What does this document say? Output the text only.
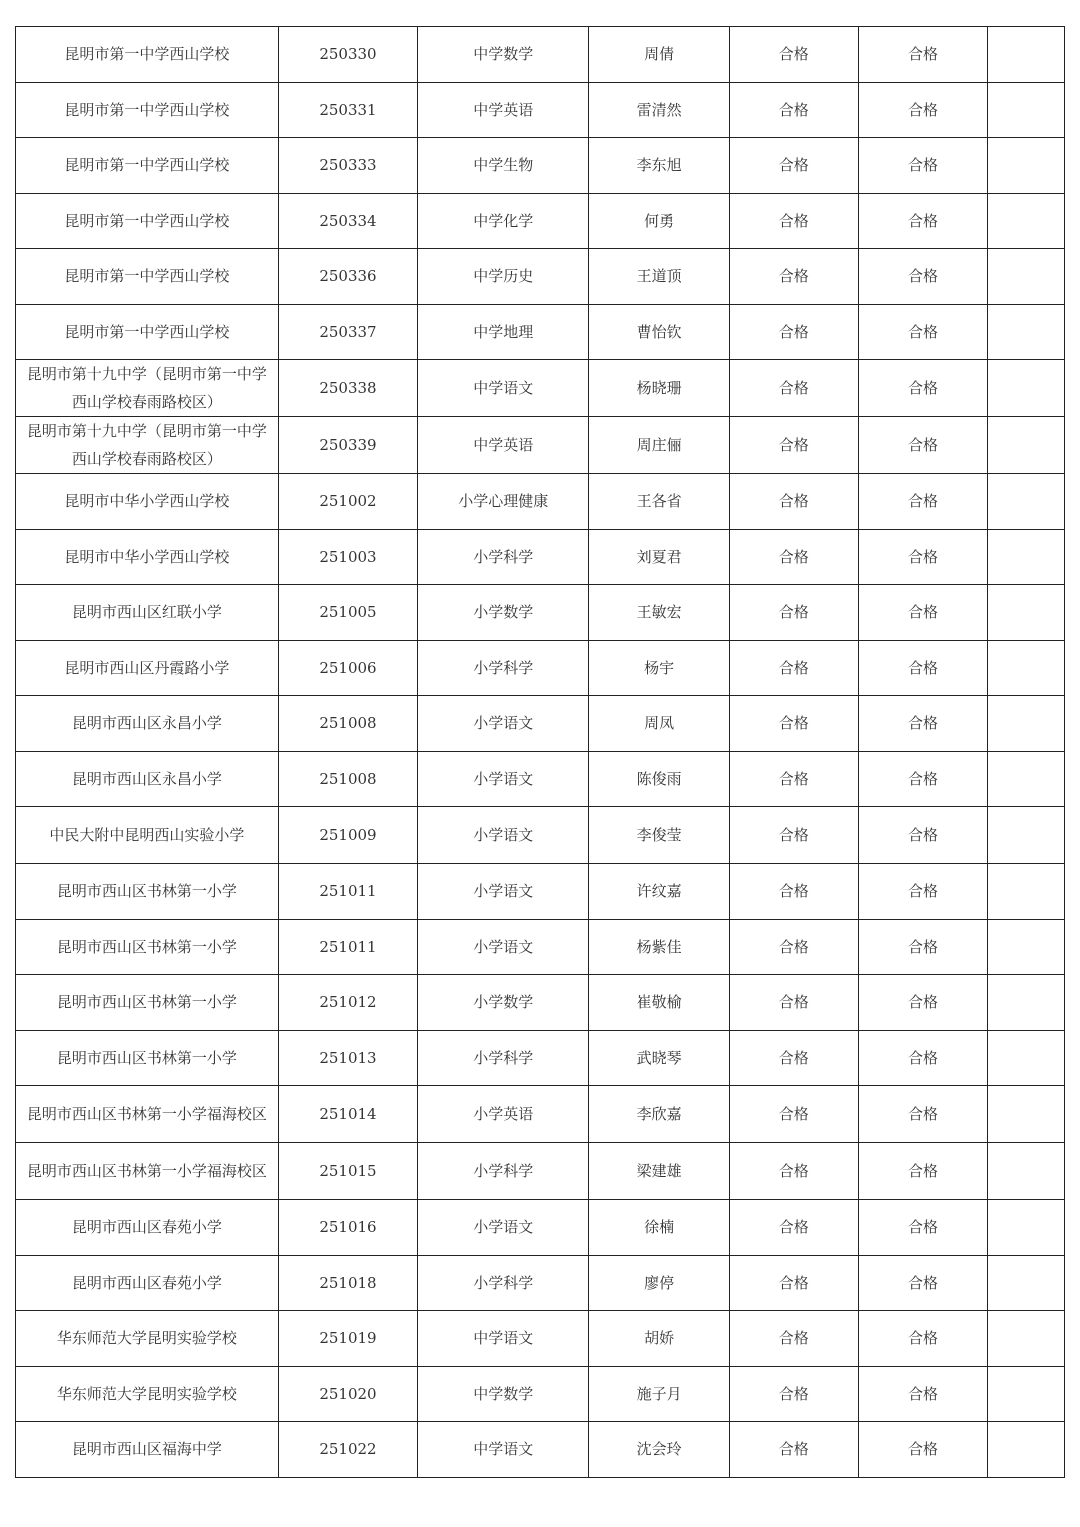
昆明市第一中学西山学校	250330	中学数学	周倩	合格	合格	
昆明市第一中学西山学校	250331	中学英语	雷清然	合格	合格	
昆明市第一中学西山学校	250333	中学生物	李东旭	合格	合格	
昆明市第一中学西山学校	250334	中学化学	何勇	合格	合格	
昆明市第一中学西山学校	250336	中学历史	王道顶	合格	合格	
昆明市第一中学西山学校	250337	中学地理	曹怡钦	合格	合格	
昆明市第十九中学（昆明市第一中学西山学校春雨路校区）	250338	中学语文	杨晓珊	合格	合格	
昆明市第十九中学（昆明市第一中学西山学校春雨路校区）	250339	中学英语	周庄俪	合格	合格	
昆明市中华小学西山学校	251002	小学心理健康	王各省	合格	合格	
昆明市中华小学西山学校	251003	小学科学	刘夏君	合格	合格	
昆明市西山区红联小学	251005	小学数学	王敏宏	合格	合格	
昆明市西山区丹霞路小学	251006	小学科学	杨宇	合格	合格	
昆明市西山区永昌小学	251008	小学语文	周凤	合格	合格	
昆明市西山区永昌小学	251008	小学语文	陈俊雨	合格	合格	
中民大附中昆明西山实验小学	251009	小学语文	李俊莹	合格	合格	
昆明市西山区书林第一小学	251011	小学语文	许纹嘉	合格	合格	
昆明市西山区书林第一小学	251011	小学语文	杨紫佳	合格	合格	
昆明市西山区书林第一小学	251012	小学数学	崔敬榆	合格	合格	
昆明市西山区书林第一小学	251013	小学科学	武晓琴	合格	合格	
昆明市西山区书林第一小学福海校区	251014	小学英语	李欣嘉	合格	合格	
昆明市西山区书林第一小学福海校区	251015	小学科学	梁建雄	合格	合格	
昆明市西山区春苑小学	251016	小学语文	徐楠	合格	合格	
昆明市西山区春苑小学	251018	小学科学	廖停	合格	合格	
华东师范大学昆明实验学校	251019	中学语文	胡娇	合格	合格	
华东师范大学昆明实验学校	251020	中学数学	施子月	合格	合格	
昆明市西山区福海中学	251022	中学语文	沈会玲	合格	合格	
